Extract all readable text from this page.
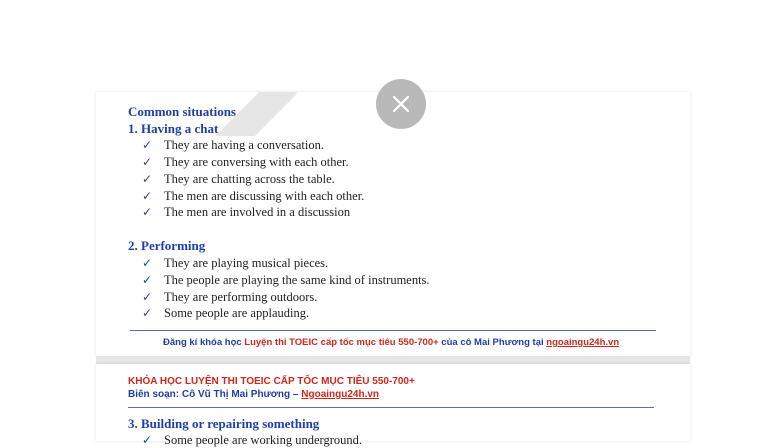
Common situations
1. Having a chat
✓ They are having a conversation.
✓ They are conversing with each other.
✓ They are chatting across the table.
✓ The men are discussing with each other.
✓ The men are involved in a discussion
2. Performing
✓ They are playing musical pieces.
✓ The people are playing the same kind of instruments.
✓ They are performing outdoors.
✓ Some people are applauding.
Đăng kí khóa học Luyện thi TOEIC cấp tốc mục tiêu 550-700+ của cô Mai Phương tại ngoaingu24h.vn
KHÓA HỌC LUYỆN THI TOEIC CẤP TỐC MỤC TIÊU 550-700+
Biên soạn: Cô Vũ Thị Mai Phương – Ngoaingu24h.vn
3. Building or repairing something
✓ Some people are working underground.
